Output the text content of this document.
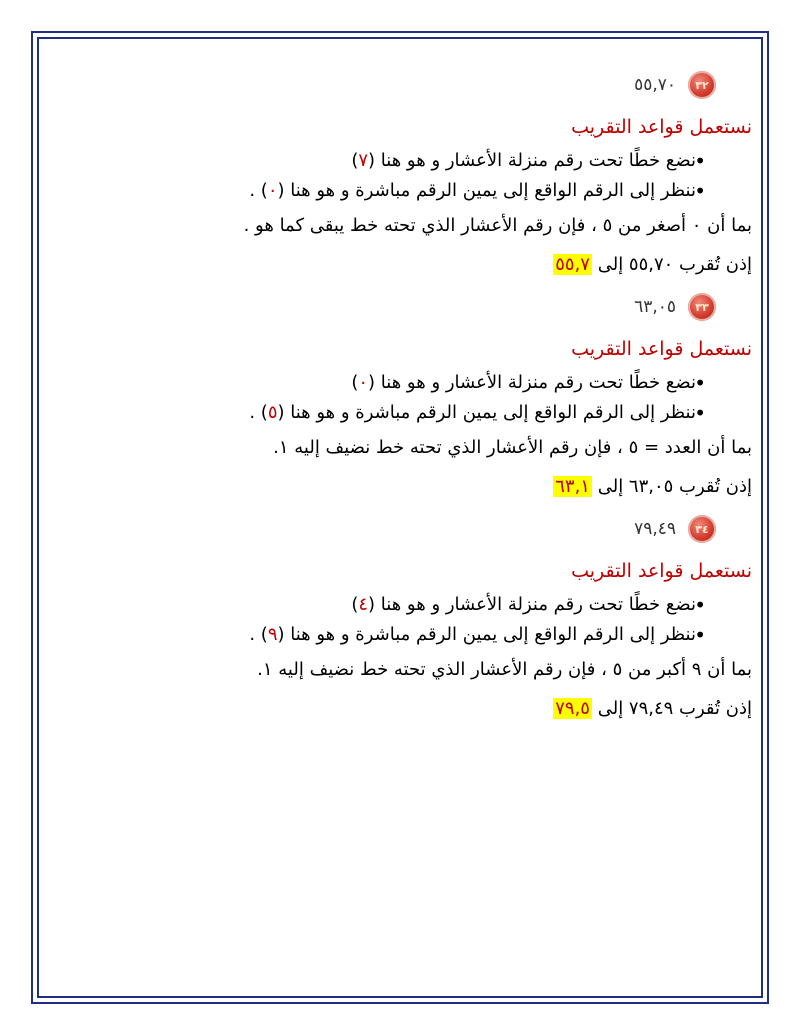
٣٢
٥٥,٧٠
نستعمل قواعد التقريب
• نضع خطًا تحت رقم منزلة الأعشار و هو هنا (٧)
• ننظر إلى الرقم الواقع إلى يمين الرقم مباشرة و هو هنا (٠) .
بما أن ٠ أصغر من ٥ ، فإن رقم الأعشار الذي تحته خط يبقى كما هو .
إذن تُقرب ٥٥,٧٠ إلى ٥٥,٧
٣٣
٦٣,٠٥
نستعمل قواعد التقريب
• نضع خطًا تحت رقم منزلة الأعشار و هو هنا (٠)
• ننظر إلى الرقم الواقع إلى يمين الرقم مباشرة و هو هنا (٥) .
بما أن العدد = ٥ ، فإن رقم الأعشار الذي تحته خط نضيف إليه ١.
إذن تُقرب ٦٣,٠٥ إلى ٦٣,١
٣٤
٧٩,٤٩
نستعمل قواعد التقريب
• نضع خطًا تحت رقم منزلة الأعشار و هو هنا (٤)
• ننظر إلى الرقم الواقع إلى يمين الرقم مباشرة و هو هنا (٩) .
بما أن ٩ أكبر من ٥ ، فإن رقم الأعشار الذي تحته خط نضيف إليه ١.
إذن تُقرب ٧٩,٤٩ إلى ٧٩,٥
